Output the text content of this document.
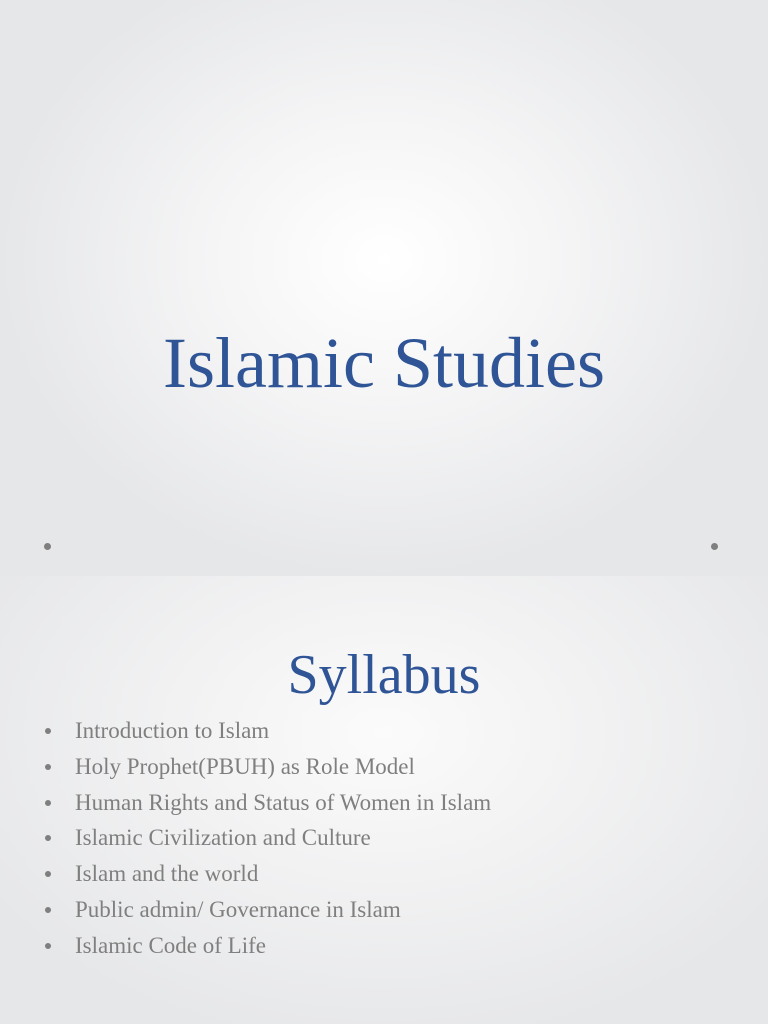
Islamic Studies
Syllabus
Introduction to Islam
Holy Prophet(PBUH) as Role Model
Human Rights and Status of Women in Islam
Islamic Civilization and Culture
Islam and the world
Public admin/ Governance in Islam
Islamic Code of Life
